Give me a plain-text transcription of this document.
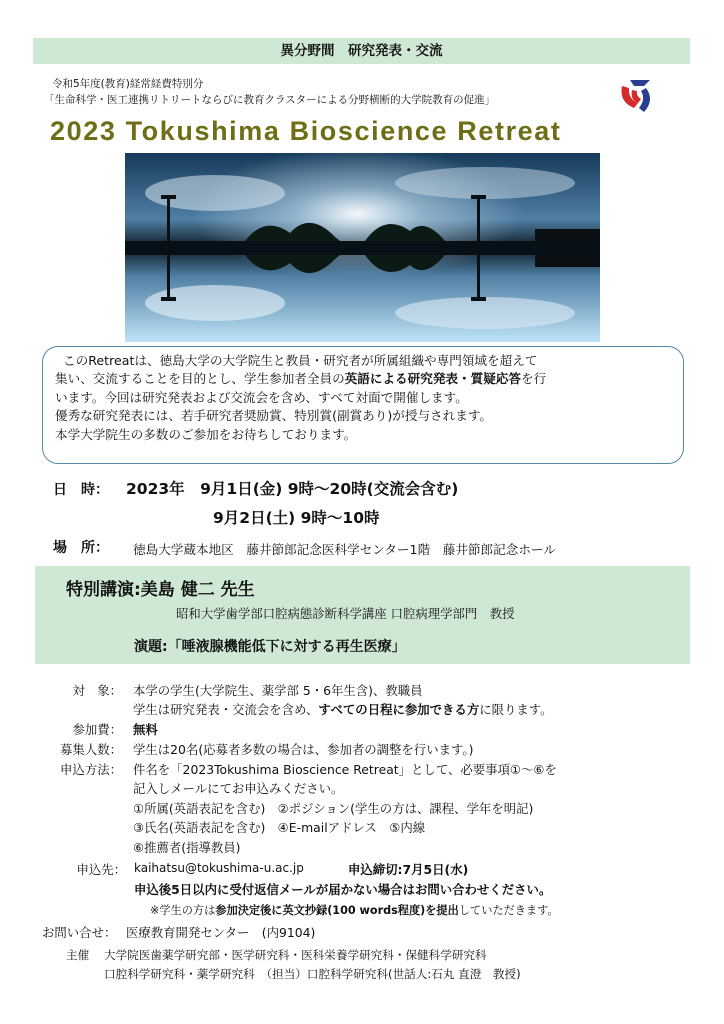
異分野間　研究発表・交流
令和5年度(教育)経常経費特別分
「生命科学・医工連携リトリートならびに教育クラスターによる分野横断的大学院教育の促進」
2023 Tokushima Bioscience Retreat

このRetreatは、徳島大学の大学院生と教員・研究者が所属組織や専門領域を超えて

集い、交流することを目的とし、学生参加者全員の英語による研究発表・質疑応答を行

います。今回は研究発表および交流会を含め、すべて対面で開催します。

優秀な研究発表には、若手研究者奨励賞、特別賞(副賞あり)が授与されます。

本学大学院生の多数のご参加をお待ちしております。

日　時： 2023年　9月1日(金) 9時～20時(交流会含む)
9月2日(土) 9時～10時
場　所： 徳島大学蔵本地区　藤井節郎記念医科学センター1階　藤井節郎記念ホール
特別講演:美島 健二 先生
昭和大学歯学部口腔病態診断科学講座 口腔病理学部門　教授
演題:「唾液腺機能低下に対する再生医療」
対　象： 本学の学生(大学院生、薬学部 5・6年生含)、教職員
学生は研究発表・交流会を含め、すべての日程に参加できる方に限ります。
参加費： 無料
募集人数： 学生は20名(応募者多数の場合は、参加者の調整を行います。)
申込方法： 件名を「2023Tokushima Bioscience Retreat」として、必要事項①～⑥を
記入しメールにてお申込みください。
①所属(英語表記を含む)　②ポジション(学生の方は、課程、学年を明記)
③氏名(英語表記を含む)　④E-mailアドレス　⑤内線
⑥推薦者(指導教員)
申込先： kaihatsu@tokushima-u.ac.jp	申込締切:7月5日(水)
申込後5日以内に受付返信メールが届かない場合はお問い合わせください。
※学生の方は参加決定後に英文抄録(100 words程度)を提出していただきます。
お問い合せ： 医療教育開発センター　(内9104)
主催 大学院医歯薬学研究部・医学研究科・医科栄養学研究科・保健科学研究科
口腔科学研究科・薬学研究科　（担当）口腔科学研究科(世話人:石丸 直澄　教授)
